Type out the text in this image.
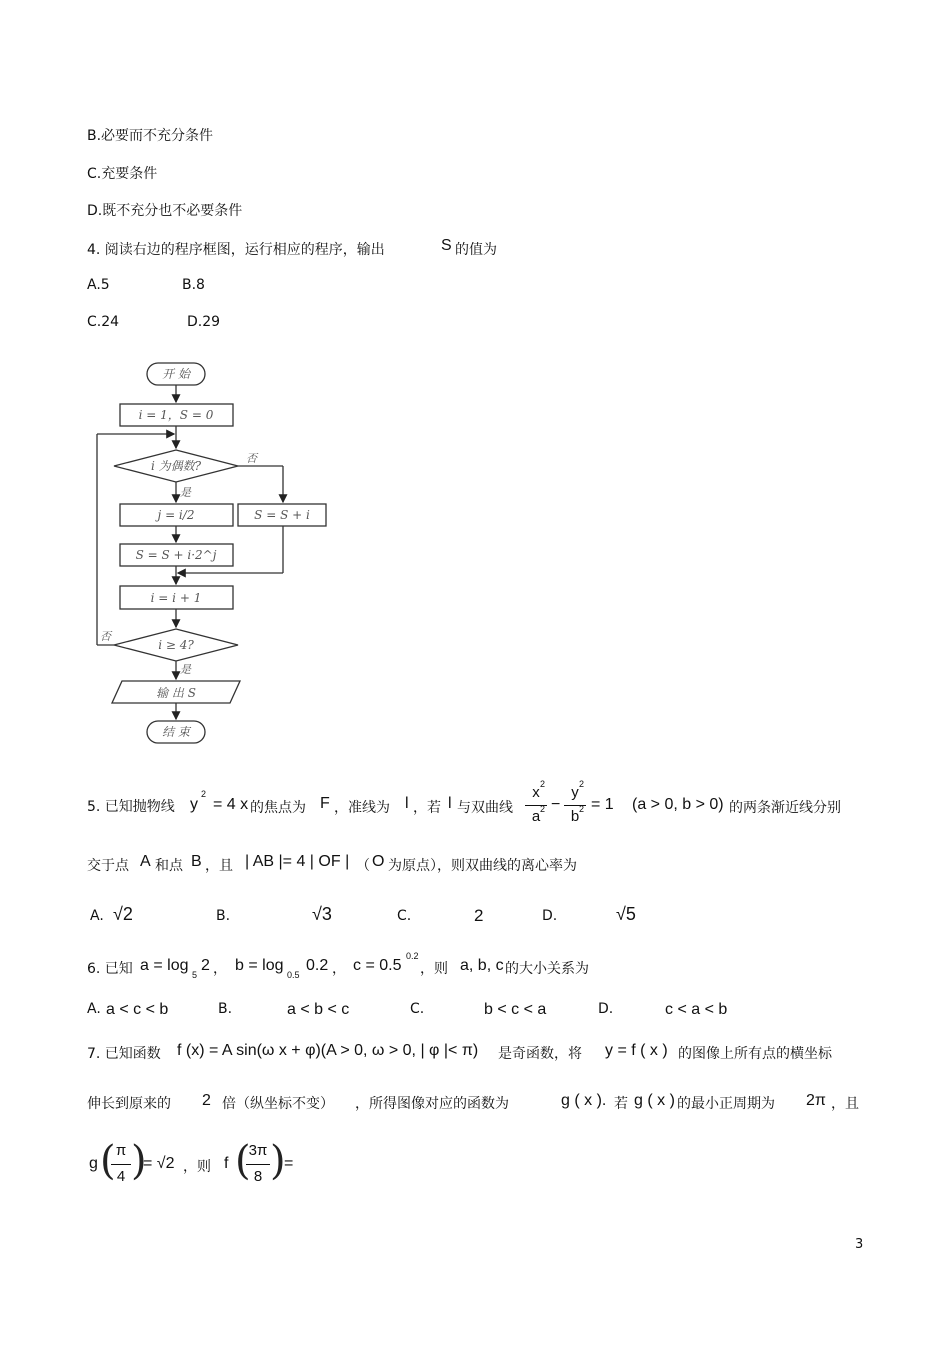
B.必要而不充分条件
C.充要条件
D.既不充分也不必要条件
4. 阅读右边的程序框图，运行相应的程序，输出	S 的值为
A.5	B.8
C.24	D.29
开 始
i = 1，S = 0
i 为偶数?
否
是
j = i/2	S = S + i
S = S + i·2^j
i = i + 1
i ≥ 4?
否
是
输 出 S
结 束
5. 已知抛物线 y
2
= 4 x 的焦点为 F ，准线为 l ，若 l 与双曲线
x 2
a 2 −
y 2
b 2 = 1 (a > 0, b > 0) 的两条渐近线分别
交于点 A 和点 B ，且 | AB |= 4 | OF | （ O 为原点），则双曲线的离心率为
A. √2	B.	√3	C.	2	D.	√5
6. 已知 a = log
5
2 ， b = log
0.5
0.2 ， c = 0.5
0.2
，则 a, b, c 的大小关系为
A. a < c < b	B.	a < b < c	C.	b < c < a	D.	c < a < b
7. 已知函数 f (x) = A sin(ω x + φ)(A > 0, ω > 0, | φ |< π) 是奇函数，将 y = f ( x ) 的图像上所有点的横坐标
伸长到原来的 2 倍（纵坐标不变） ，所得图像对应的函数为	g ( x ). 若 g ( x ) 的最小正周期为 2π ，且
g ( π
4 )
= √2 ，则 f (
3π
8 )
=
3
